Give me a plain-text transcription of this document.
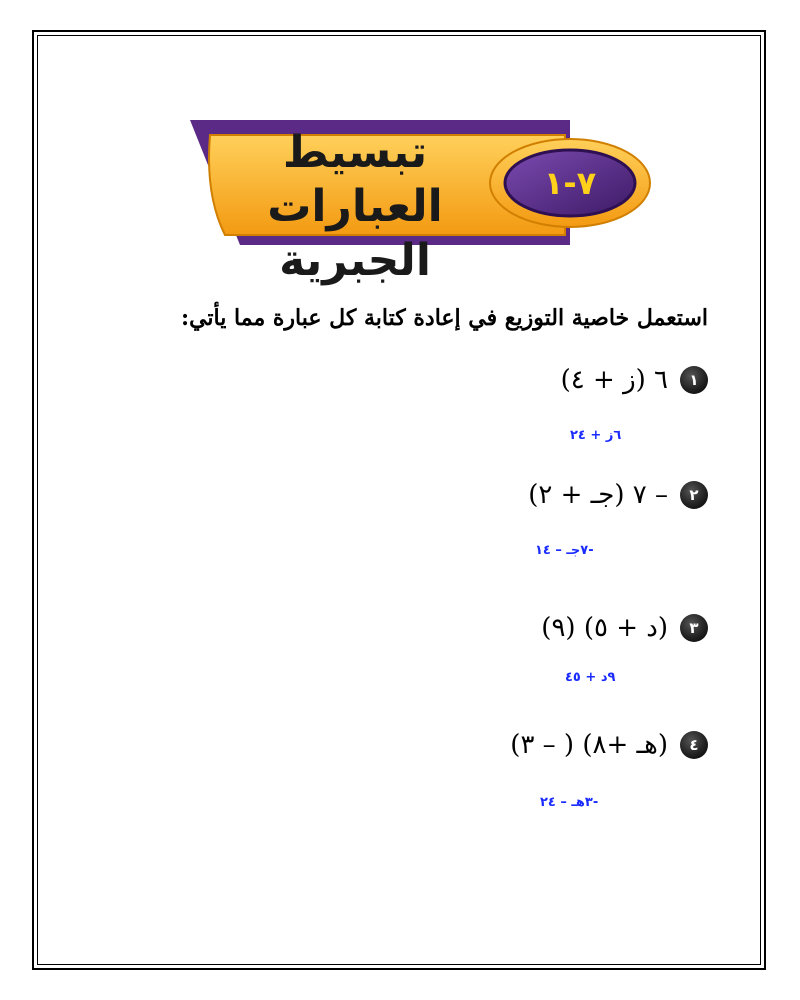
تبسيط العبارات
الجبرية
٧-١
استعمل خاصية التوزيع في إعادة كتابة كل عبارة مما يأتي:
١
٦ (ز + ٤)
٦ز + ٢٤
٢
– ٧ (جـ + ٢)
-٧جـ – ١٤
٣
(د + ٥) (٩)
٩د + ٤٥
٤
(هـ +٨) ( – ٣)
-٣هـ – ٢٤
